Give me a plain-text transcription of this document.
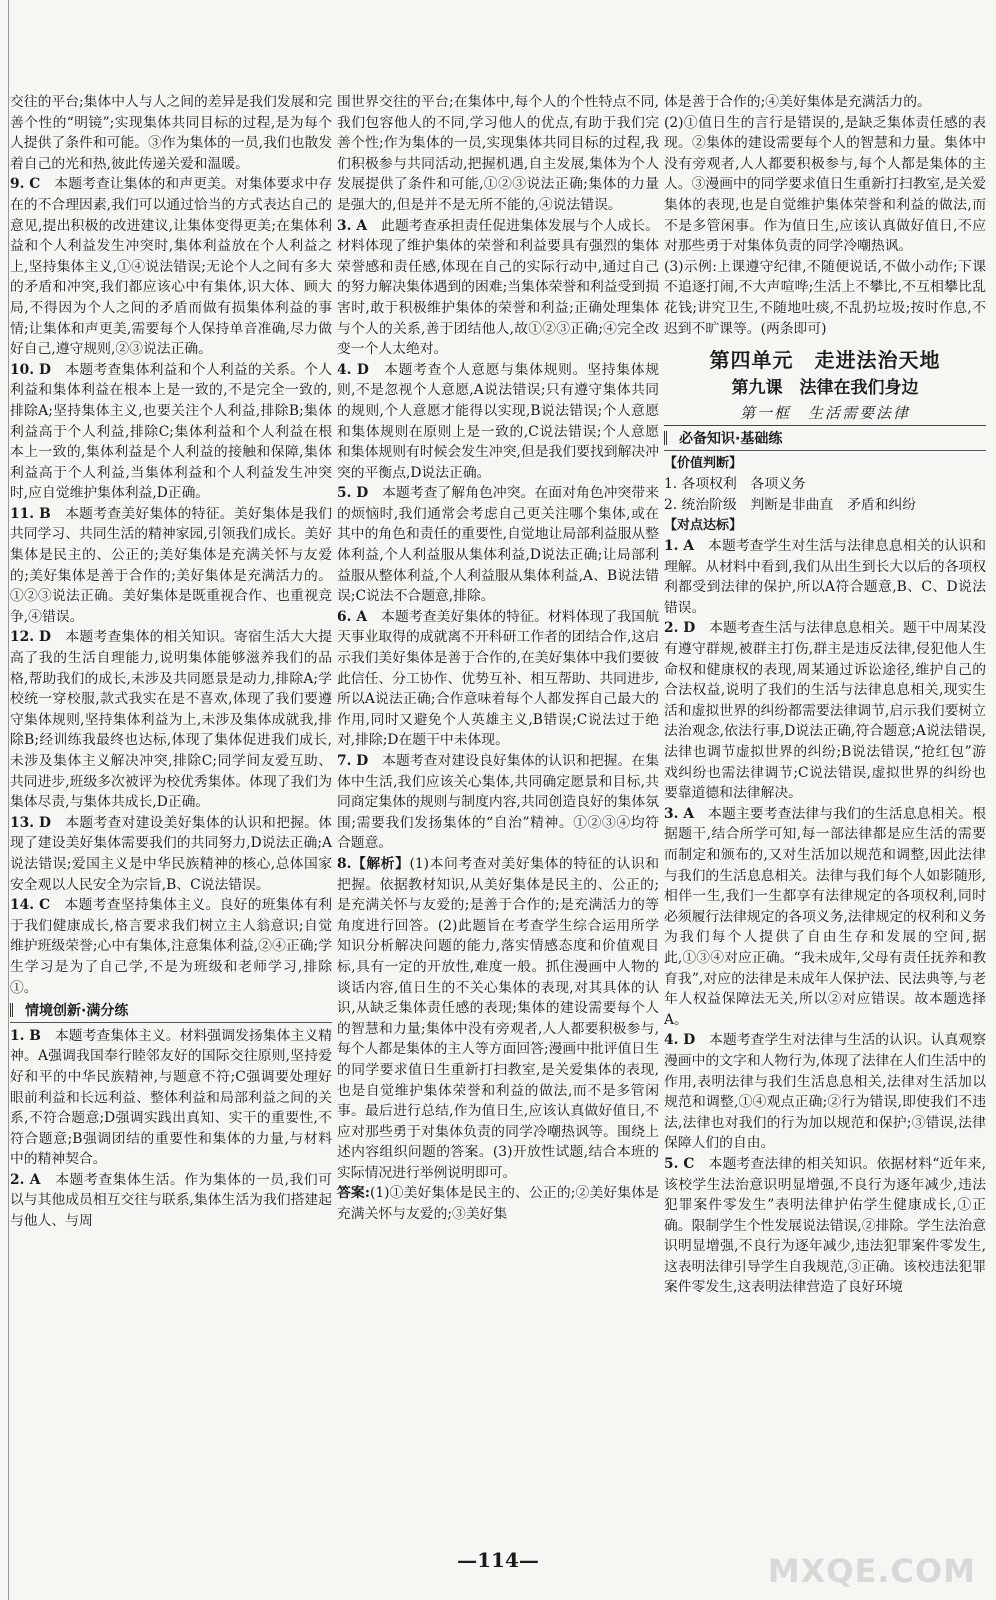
交往的平台;集体中人与人之间的差异是我们发展和完善个性的“明镜”;实现集体共同目标的过程,是为每个人提供了条件和可能。③作为集体的一员,我们也散发着自己的光和热,彼此传递关爱和温暖。

9. C　 本题考查让集体的和声更美。对集体要求中存在的不合理因素,我们可以通过恰当的方式表达自己的意见,提出积极的改进建议,让集体变得更美;在集体利益和个人利益发生冲突时,集体利益放在个人利益之上,坚持集体主义,①④说法错误;无论个人之间有多大的矛盾和冲突,我们都应该心中有集体,识大体、顾大局,不得因为个人之间的矛盾而做有损集体利益的事情;让集体和声更美,需要每个人保持单音准确,尽力做好自己,遵守规则,②③说法正确。

10. D　 本题考查集体利益和个人利益的关系。个人利益和集体利益在根本上是一致的,不是完全一致的,排除A;坚持集体主义,也要关注个人利益,排除B;集体利益高于个人利益,排除C;集体利益和个人利益在根本上一致的,集体利益是个人利益的接触和保障,集体利益高于个人利益,当集体利益和个人利益发生冲突时,应自觉维护集体利益,D正确。

11. B　 本题考查美好集体的特征。美好集体是我们共同学习、共同生活的精神家园,引领我们成长。美好集体是民主的、公正的;美好集体是充满关怀与友爱的;美好集体是善于合作的;美好集体是充满活力的。①②③说法正确。美好集体是既重视合作、也重视竞争,④错误。

12. D　 本题考查集体的相关知识。寄宿生活大大提高了我的生活自理能力,说明集体能够滋养我们的品格,帮助我们的成长,未涉及共同愿景是动力,排除A;学校统一穿校服,款式我实在是不喜欢,体现了我们要遵守集体规则,坚持集体利益为上,未涉及集体成就我,排除B;经训练我最终也达标,体现了集体促进我们成长,未涉及集体主义解决冲突,排除C;同学间友爱互助、共同进步,班级多次被评为校优秀集体。体现了我们为集体尽责,与集体共成长,D正确。

13. D　 本题考查对建设美好集体的认识和把握。体现了建设美好集体需要我们的共同努力,D说法正确;A说法错误;爱国主义是中华民族精神的核心,总体国家安全观以人民安全为宗旨,B、C说法错误。

14. C　 本题考查坚持集体主义。良好的班集体有利于我们健康成长,格言要求我们树立主人翁意识;自觉维护班级荣誉;心中有集体,注意集体利益,②④正确;学生学习是为了自己学,不是为班级和老师学习,排除①。

情境创新·满分练

1. B　 本题考查集体主义。材料强调发扬集体主义精神。A强调我国奉行睦邻友好的国际交往原则,坚持爱好和平的中华民族精神,与题意不符;C强调要处理好眼前利益和长远利益、整体利益和局部利益之间的关系,不符合题意;D强调实践出真知、实干的重要性,不符合题意;B强调团结的重要性和集体的力量,与材料中的精神契合。

2. A　 本题考查集体生活。作为集体的一员,我们可以与其他成员相互交往与联系,集体生活为我们搭建起与他人、与周

围世界交往的平台;在集体中,每个人的个性特点不同,我们包容他人的不同,学习他人的优点,有助于我们完善个性;作为集体的一员,实现集体共同目标的过程,我们积极参与共同活动,把握机遇,自主发展,集体为个人发展提供了条件和可能,①②③说法正确;集体的力量是强大的,但是并不是无所不能的,④说法错误。

3. A　 此题考查承担责任促进集体发展与个人成长。材料体现了维护集体的荣誉和利益要具有强烈的集体荣誉感和责任感,体现在自己的实际行动中,通过自己的努力解决集体遇到的困难;当集体荣誉和利益受到损害时,敢于积极维护集体的荣誉和利益;正确处理集体与个人的关系,善于团结他人,故①②③正确;④完全改变一个人太绝对。

4. D　 本题考查个人意愿与集体规则。坚持集体规则,不是忽视个人意愿,A说法错误;只有遵守集体共同的规则,个人意愿才能得以实现,B说法错误;个人意愿和集体规则在原则上是一致的,C说法错误;个人意愿和集体规则有时候会发生冲突,但是我们要找到解决冲突的平衡点,D说法正确。

5. D　 本题考查了解角色冲突。在面对角色冲突带来的烦恼时,我们通常会考虑自己更关注哪个集体,或在其中的角色和责任的重要性,自觉地让局部利益服从整体利益,个人利益服从集体利益,D说法正确;让局部利益服从整体利益,个人利益服从集体利益,A、B说法错误;C说法不合题意,排除。

6. A　 本题考查美好集体的特征。材料体现了我国航天事业取得的成就离不开科研工作者的团结合作,这启示我们美好集体是善于合作的,在美好集体中我们要彼此信任、分工协作、优势互补、相互帮助、共同进步,所以A说法正确;合作意味着每个人都发挥自己最大的作用,同时又避免个人英雄主义,B错误;C说法过于绝对,排除;D在题干中未体现。

7. D　 本题考查对建设良好集体的认识和把握。在集体中生活,我们应该关心集体,共同确定愿景和目标,共同商定集体的规则与制度内容,共同创造良好的集体氛围;需要我们发扬集体的“自治”精神。①②③④均符合题意。

8.【解析】(1)本问考查对美好集体的特征的认识和把握。依据教材知识,从美好集体是民主的、公正的;是充满关怀与友爱的;是善于合作的;是充满活力的等角度进行回答。(2)此题旨在考查学生综合运用所学知识分析解决问题的能力,落实情感态度和价值观目标,具有一定的开放性,难度一般。抓住漫画中人物的谈话内容,值日生的不关心集体的表现,对其具体的认识,从缺乏集体责任感的表现;集体的建设需要每个人的智慧和力量;集体中没有旁观者,人人都要积极参与,每个人都是集体的主人等方面回答;漫画中批评值日生的同学要求值日生重新打扫教室,是关爱集体的表现,也是自觉维护集体荣誉和利益的做法,而不是多管闲事。最后进行总结,作为值日生,应该认真做好值日,不应对那些勇于对集体负责的同学冷嘲热讽等。围绕上述内容组织问题的答案。(3)开放性试题,结合本班的实际情况进行举例说明即可。

答案:(1)①美好集体是民主的、公正的;②美好集体是充满关怀与友爱的;③美好集

体是善于合作的;④美好集体是充满活力的。

(2)①值日生的言行是错误的,是缺乏集体责任感的表现。②集体的建设需要每个人的智慧和力量。集体中没有旁观者,人人都要积极参与,每个人都是集体的主人。③漫画中的同学要求值日生重新打扫教室,是关爱集体的表现,也是自觉维护集体荣誉和利益的做法,而不是多管闲事。作为值日生,应该认真做好值日,不应对那些勇于对集体负责的同学冷嘲热讽。

(3)示例:上课遵守纪律,不随便说话,不做小动作;下课不追逐打闹,不大声喧哗;生活上不攀比,不互相攀比乱花钱;讲究卫生,不随地吐痰,不乱扔垃圾;按时作息,不迟到不旷课等。(两条即可)

第四单元　走进法治天地
第九课　法律在我们身边
第一框　生活需要法律
必备知识·基础练
【价值判断】

1. 各项权利　各项义务

2. 统治阶级　判断是非曲直　矛盾和纠纷

【对点达标】

1. A　 本题考查学生对生活与法律息息相关的认识和理解。从材料中看到,我们从出生到长大以后的各项权利都受到法律的保护,所以A符合题意,B、C、D说法错误。

2. D　 本题考查生活与法律息息相关。题干中周某没有遵守群规,被群主打伤,群主是违反法律,侵犯他人生命权和健康权的表现,周某通过诉讼途径,维护自己的合法权益,说明了我们的生活与法律息息相关,现实生活和虚拟世界的纠纷都需要法律调节,启示我们要树立法治观念,依法行事,D说法正确,符合题意;A说法错误,法律也调节虚拟世界的纠纷;B说法错误,“抢红包”游戏纠纷也需法律调节;C说法错误,虚拟世界的纠纷也要靠道德和法律解决。

3. A　 本题主要考查法律与我们的生活息息相关。根据题干,结合所学可知,每一部法律都是应生活的需要而制定和颁布的,又对生活加以规范和调整,因此法律与我们的生活息息相关。法律与我们每个人如影随形,相伴一生,我们一生都享有法律规定的各项权利,同时必须履行法律规定的各项义务,法律规定的权利和义务为我们每个人提供了自由生存和发展的空间,据此,①③④对应正确。“我未成年,父母有责任抚养和教育我”,对应的法律是未成年人保护法、民法典等,与老年人权益保障法无关,所以②对应错误。故本题选择A。

4. D　 本题考查学生对法律与生活的认识。认真观察漫画中的文字和人物行为,体现了法律在人们生活中的作用,表明法律与我们生活息息相关,法律对生活加以规范和调整,①④观点正确;②行为错误,即使我们不违法,法律也对我们的行为加以规范和保护;③错误,法律保障人们的自由。

5. C　 本题考查法律的相关知识。依据材料“近年来,该校学生法治意识明显增强,不良行为逐年减少,违法犯罪案件零发生”表明法律护佑学生健康成长,①正确。限制学生个性发展说法错误,②排除。学生法治意识明显增强,不良行为逐年减少,违法犯罪案件零发生,这表明法律引导学生自我规范,③正确。该校违法犯罪案件零发生,这表明法律营造了良好环境

—114—	MXQE.COM
